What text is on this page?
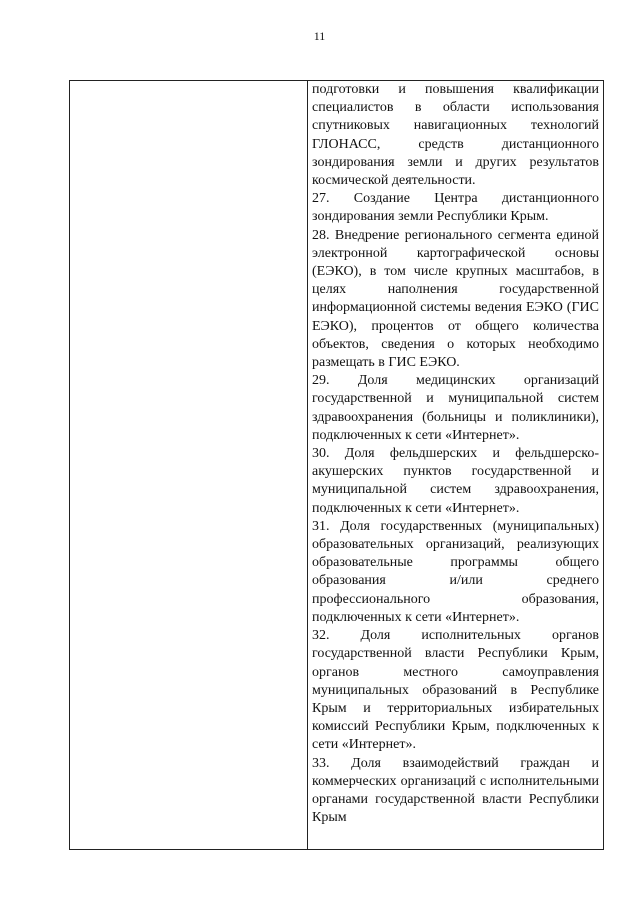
11

подготовки и повышения квалификации специалистов в области использования спутниковых навигационных технологий ГЛОНАСС, средств дистанционного зондирования земли и других результатов космической деятельности.

27. Создание Центра дистанционного зондирования земли Республики Крым.

28. Внедрение регионального сегмента единой электронной картографической основы (ЕЭКО), в том числе крупных масштабов, в целях наполнения государственной информационной системы ведения ЕЭКО (ГИС ЕЭКО), процентов от общего количества объектов, сведения о которых необходимо размещать в ГИС ЕЭКО.

29. Доля медицинских организаций государственной и муниципальной систем здравоохранения (больницы и поликлиники), подключенных к сети «Интернет».

30. Доля фельдшерских и фельдшерско-акушерских пунктов государственной и муниципальной систем здравоохранения, подключенных к сети «Интернет».

31. Доля государственных (муниципальных) образовательных организаций, реализующих образовательные программы общего образования и/или среднего профессионального образования, подключенных к сети «Интернет».

32. Доля исполнительных органов государственной власти Республики Крым, органов местного самоуправления муниципальных образований в Республике Крым и территориальных избирательных комиссий Республики Крым, подключенных к сети «Интернет».

33. Доля взаимодействий граждан и коммерческих организаций с исполнительными органами государственной власти Республики Крым
